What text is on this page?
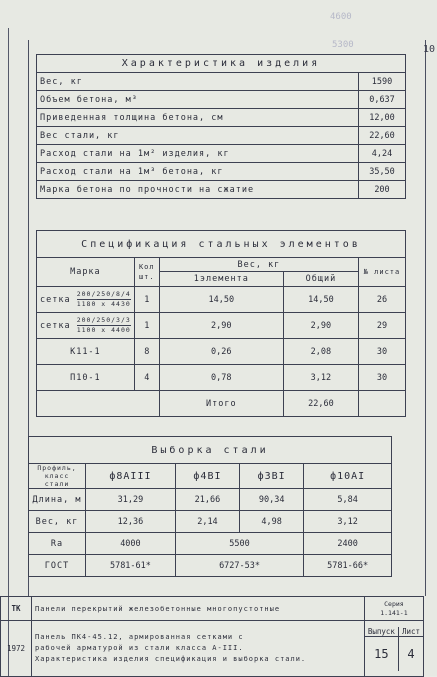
4600
5300	10
Характеристика изделия	
Вес, кг	1590
Объем бетона, м³	0,637
Приведенная толщина бетона, см	12,00
Вес стали, кг	22,60
Расход стали на 1м² изделия, кг	4,24
Расход стали на 1м³ бетона, кг	35,50
Марка бетона по прочности на сжатие	200
Спецификация стальных элементов				
Марка	Кол шт.	Вес, кг		№ листа
		1элемента	Общий	
сетка $\frac{200/250/8/4}{1180 х 4430}$	1	14,50	14,50	26
сетка $\frac{200/250/3/3}{1100 х 4400}$	1	2,90	2,90	29
К11-1	8	0,26	2,08	30
П10-1	4	0,78	3,12	30
		Итого	22,60	
Выборка стали				
Профиль, класс стали	ф8АIII	ф4ВI	ф3ВI	ф10АI
Длина, м	31,29	21,66	90,34	5,84
Вес, кг	12,36	2,14	4,98	3,12
Rа	4000	5500		2400
ГОСТ	5781-61*	6727-53*		5781-66*
ТК	Панели перекрытий железобетонные многопустотные	
Серия
1.141-1

1972	
Панель ПК4-45.12, армированная сетками с
рабочей арматурой из стали класса А-III.
Характеристика изделия спецификация и выборка стали.

Выпуск	Лист
15	4
